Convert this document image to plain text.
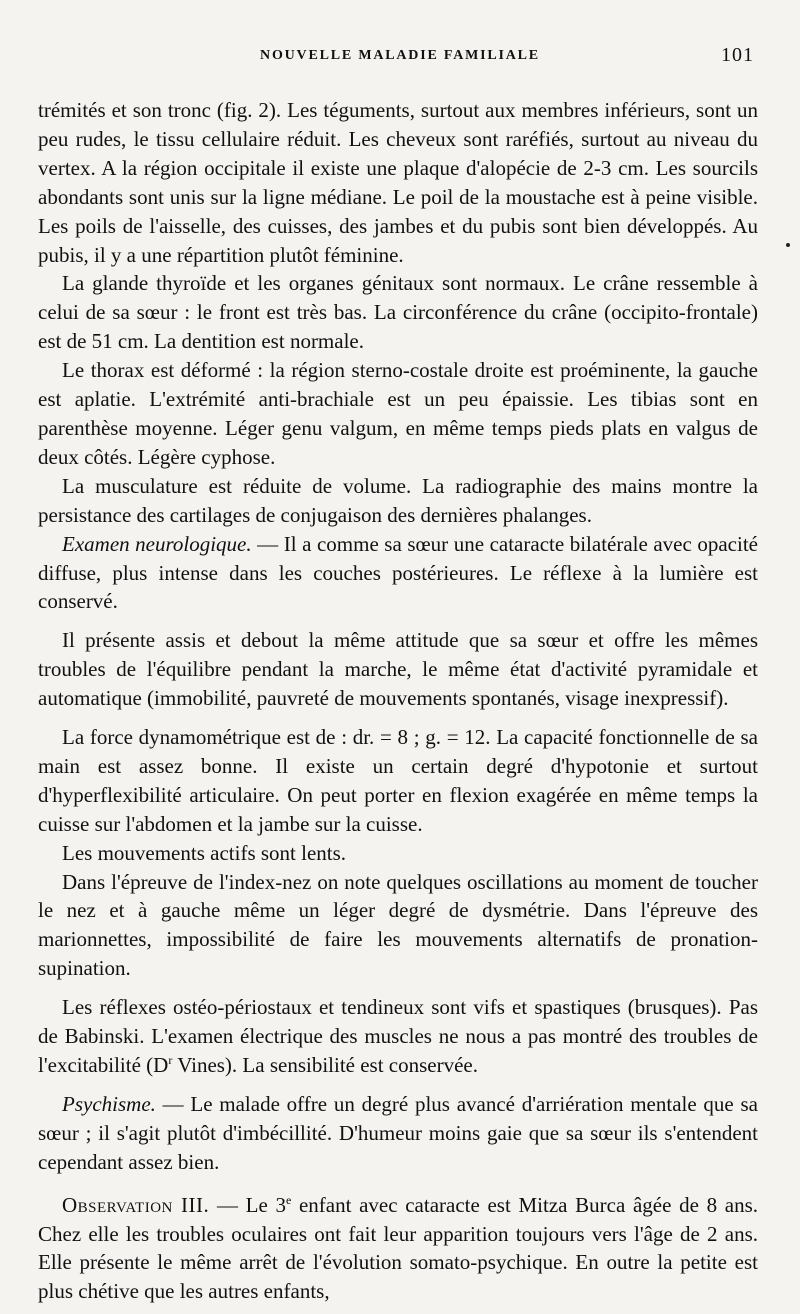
NOUVELLE MALADIE FAMILIALE	101

trémités et son tronc (fig. 2). Les téguments, surtout aux membres inférieurs, sont un peu rudes, le tissu cellulaire réduit. Les cheveux sont raréfiés, surtout au niveau du vertex. A la région occipitale il existe une plaque d'alopécie de 2-3 cm. Les sourcils abondants sont unis sur la ligne médiane. Le poil de la moustache est à peine visible. Les poils de l'aisselle, des cuisses, des jambes et du pubis sont bien développés. Au pubis, il y a une répartition plutôt féminine.

La glande thyroïde et les organes génitaux sont normaux. Le crâne ressemble à celui de sa sœur : le front est très bas. La circonférence du crâne (occipito-frontale) est de 51 cm. La dentition est normale.

Le thorax est déformé : la région sterno-costale droite est proéminente, la gauche est aplatie. L'extrémité anti-brachiale est un peu épaissie. Les tibias sont en parenthèse moyenne. Léger genu valgum, en même temps pieds plats en valgus de deux côtés. Légère cyphose.

La musculature est réduite de volume. La radiographie des mains montre la persistance des cartilages de conjugaison des dernières phalanges.

Examen neurologique. — Il a comme sa sœur une cataracte bilatérale avec opacité diffuse, plus intense dans les couches postérieures. Le réflexe à la lumière est conservé.

Il présente assis et debout la même attitude que sa sœur et offre les mêmes troubles de l'équilibre pendant la marche, le même état d'activité pyramidale et automatique (immobilité, pauvreté de mouvements spontanés, visage inexpressif).

La force dynamométrique est de : dr. = 8 ; g. = 12. La capacité fonctionnelle de sa main est assez bonne. Il existe un certain degré d'hypotonie et surtout d'hyperflexibilité articulaire. On peut porter en flexion exagérée en même temps la cuisse sur l'abdomen et la jambe sur la cuisse.

Les mouvements actifs sont lents.

Dans l'épreuve de l'index-nez on note quelques oscillations au moment de toucher le nez et à gauche même un léger degré de dysmétrie. Dans l'épreuve des marionnettes, impossibilité de faire les mouvements alternatifs de pronation-supination.

Les réflexes ostéo-périostaux et tendineux sont vifs et spastiques (brusques). Pas de Babinski. L'examen électrique des muscles ne nous a pas montré des troubles de l'excitabilité ($D^r$ Vines). La sensibilité est conservée.

Psychisme. — Le malade offre un degré plus avancé d'arriération mentale que sa sœur ; il s'agit plutôt d'imbécillité. D'humeur moins gaie que sa sœur ils s'entendent cependant assez bien.

Observation III. — Le 3e enfant avec cataracte est Mitza Burca âgée de 8 ans. Chez elle les troubles oculaires ont fait leur apparition toujours vers l'âge de 2 ans. Elle présente le même arrêt de l'évolution somato-psychique. En outre la petite est plus chétive que les autres enfants,
